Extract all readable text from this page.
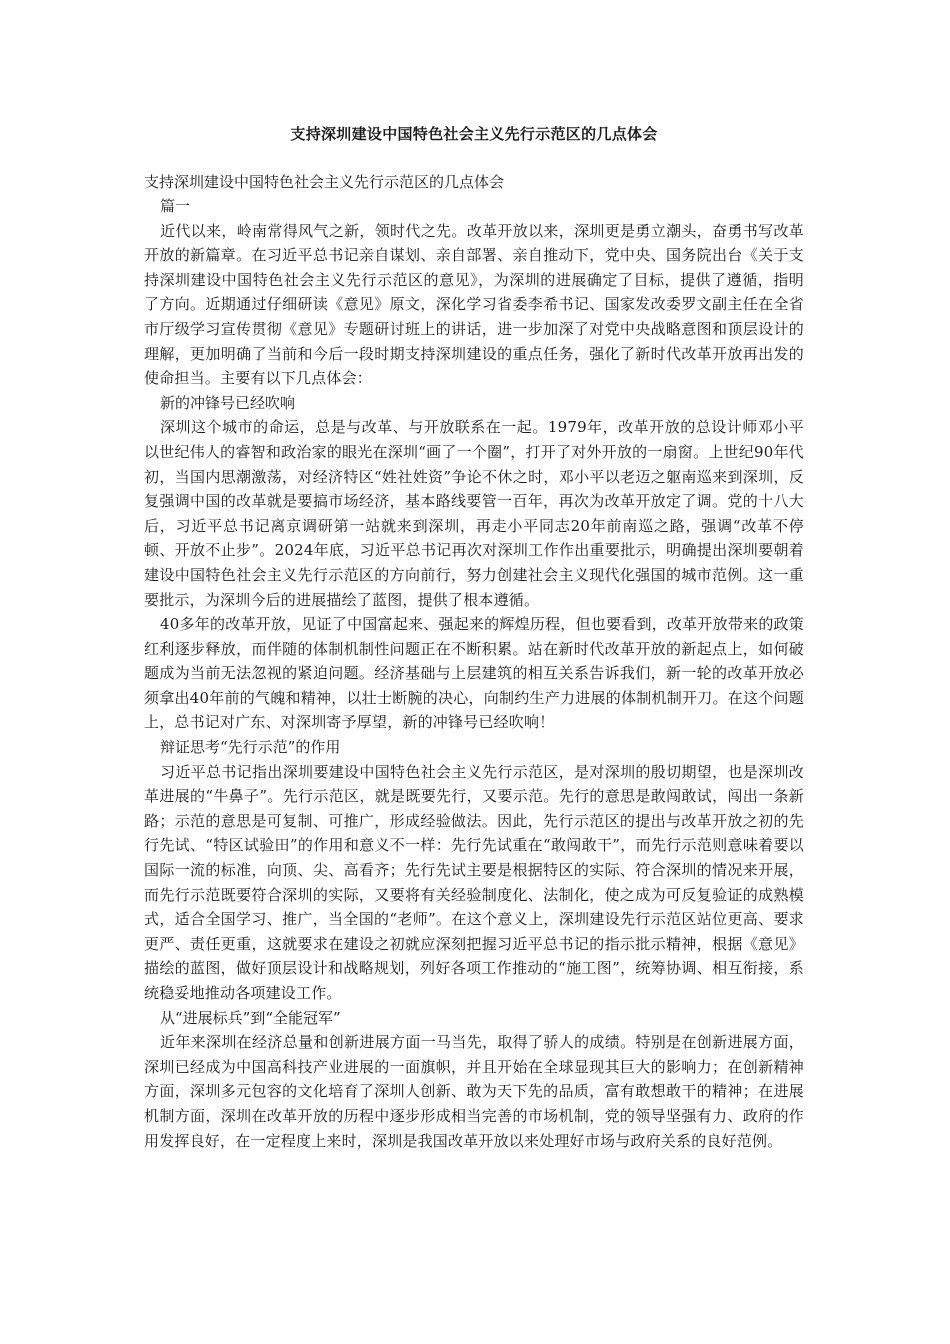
支持深圳建设中国特色社会主义先行示范区的几点体会

支持深圳建设中国特色社会主义先行示范区的几点体会

篇一

近代以来，岭南常得风气之新，领时代之先。改革开放以来，深圳更是勇立潮头，奋勇书写改革开放的新篇章。在习近平总书记亲自谋划、亲自部署、亲自推动下，党中央、国务院出台《关于支持深圳建设中国特色社会主义先行示范区的意见》，为深圳的进展确定了目标，提供了遵循，指明了方向。近期通过仔细研读《意见》原文，深化学习省委李希书记、国家发改委罗文副主任在全省市厅级学习宣传贯彻《意见》专题研讨班上的讲话，进一步加深了对党中央战略意图和顶层设计的理解，更加明确了当前和今后一段时期支持深圳建设的重点任务，强化了新时代改革开放再出发的使命担当。主要有以下几点体会：

新的冲锋号已经吹响

深圳这个城市的命运，总是与改革、与开放联系在一起。1979年，改革开放的总设计师邓小平以世纪伟人的睿智和政治家的眼光在深圳“画了一个圈”，打开了对外开放的一扇窗。上世纪90年代初，当国内思潮激荡，对经济特区“姓社姓资”争论不休之时，邓小平以老迈之躯南巡来到深圳，反复强调中国的改革就是要搞市场经济，基本路线要管一百年，再次为改革开放定了调。党的十八大后，习近平总书记离京调研第一站就来到深圳，再走小平同志20年前南巡之路，强调“改革不停顿、开放不止步”。2024年底，习近平总书记再次对深圳工作作出重要批示，明确提出深圳要朝着建设中国特色社会主义先行示范区的方向前行，努力创建社会主义现代化强国的城市范例。这一重要批示，为深圳今后的进展描绘了蓝图，提供了根本遵循。

40多年的改革开放，见证了中国富起来、强起来的辉煌历程，但也要看到，改革开放带来的政策红利逐步释放，而伴随的体制机制性问题正在不断积累。站在新时代改革开放的新起点上，如何破题成为当前无法忽视的紧迫问题。经济基础与上层建筑的相互关系告诉我们，新一轮的改革开放必须拿出40年前的气魄和精神，以壮士断腕的决心，向制约生产力进展的体制机制开刀。在这个问题上，总书记对广东、对深圳寄予厚望，新的冲锋号已经吹响！

辩证思考“先行示范”的作用

习近平总书记指出深圳要建设中国特色社会主义先行示范区，是对深圳的殷切期望，也是深圳改革进展的“牛鼻子”。先行示范区，就是既要先行，又要示范。先行的意思是敢闯敢试，闯出一条新路；示范的意思是可复制、可推广，形成经验做法。因此，先行示范区的提出与改革开放之初的先行先试、“特区试验田”的作用和意义不一样：先行先试重在“敢闯敢干”，而先行示范则意味着要以国际一流的标准，向顶、尖、高看齐；先行先试主要是根据特区的实际、符合深圳的情况来开展，而先行示范既要符合深圳的实际，又要将有关经验制度化、法制化，使之成为可反复验证的成熟模式，适合全国学习、推广，当全国的“老师”。在这个意义上，深圳建设先行示范区站位更高、要求更严、责任更重，这就要求在建设之初就应深刻把握习近平总书记的指示批示精神，根据《意见》描绘的蓝图，做好顶层设计和战略规划，列好各项工作推动的“施工图”，统筹协调、相互衔接，系统稳妥地推动各项建设工作。

从“进展标兵”到“全能冠军”

近年来深圳在经济总量和创新进展方面一马当先，取得了骄人的成绩。特别是在创新进展方面，深圳已经成为中国高科技产业进展的一面旗帜，并且开始在全球显现其巨大的影响力；在创新精神方面，深圳多元包容的文化培育了深圳人创新、敢为天下先的品质，富有敢想敢干的精神；在进展机制方面，深圳在改革开放的历程中逐步形成相当完善的市场机制，党的领导坚强有力、政府的作用发挥良好，在一定程度上来时，深圳是我国改革开放以来处理好市场与政府关系的良好范例。
